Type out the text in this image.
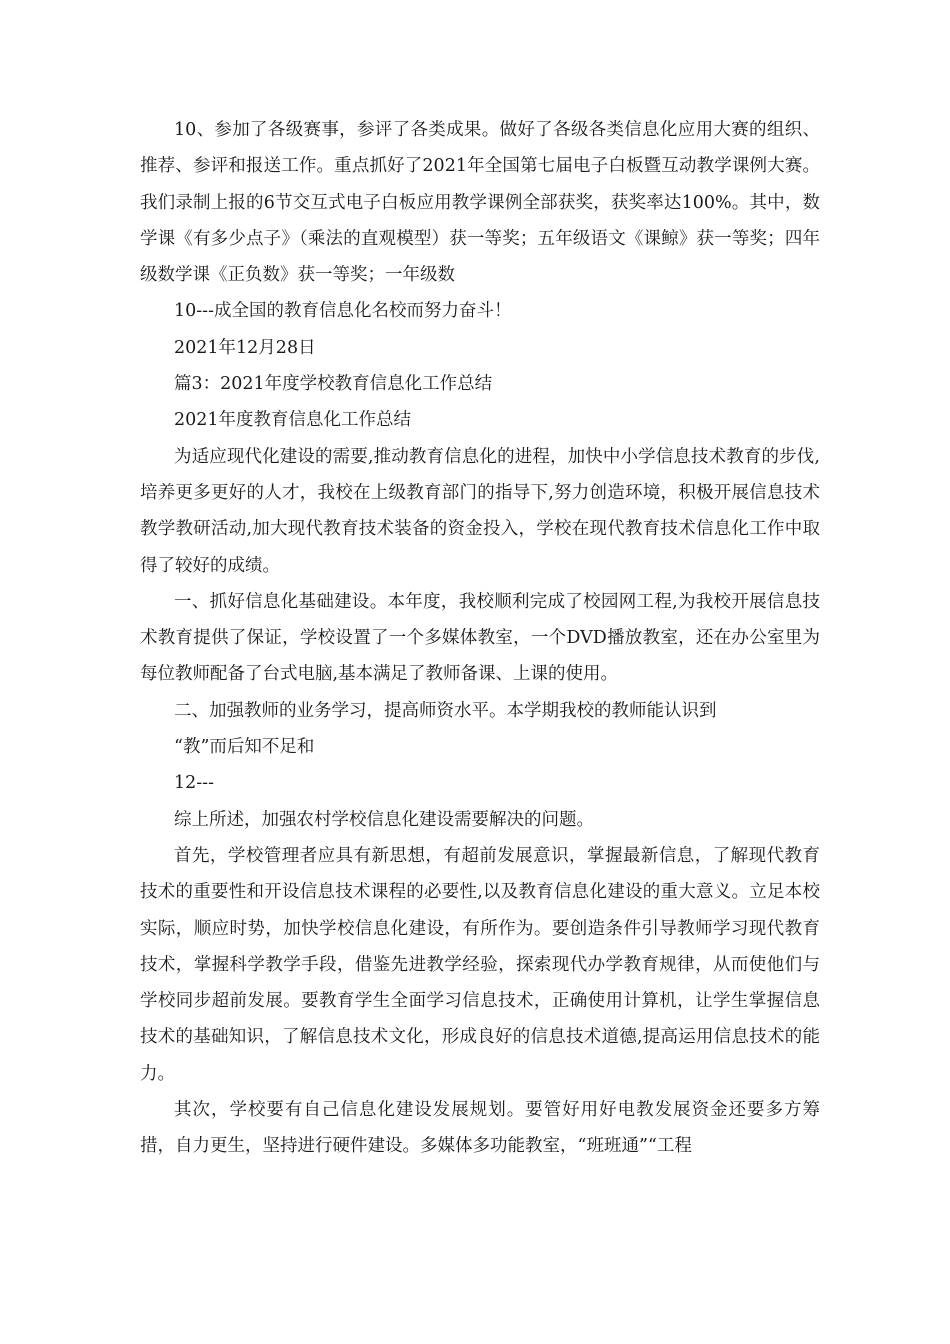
10、参加了各级赛事，参评了各类成果。做好了各级各类信息化应用大赛的组织、推荐、参评和报送工作。重点抓好了2021年全国第七届电子白板暨互动教学课例大赛。我们录制上报的6节交互式电子白板应用教学课例全部获奖，获奖率达100%。其中，数学课《有多少点子》（乘法的直观模型）获一等奖；五年级语文《课鲸》获一等奖；四年级数学课《正负数》获一等奖；一年级数

10---成全国的教育信息化名校而努力奋斗！

2021年12月28日

篇3：2021年度学校教育信息化工作总结

2021年度教育信息化工作总结

为适应现代化建设的需要,推动教育信息化的进程，加快中小学信息技术教育的步伐,培养更多更好的人才，我校在上级教育部门的指导下,努力创造环境，积极开展信息技术教学教研活动,加大现代教育技术装备的资金投入，学校在现代教育技术信息化工作中取得了较好的成绩。

一、抓好信息化基础建设。本年度，我校顺利完成了校园网工程,为我校开展信息技术教育提供了保证，学校设置了一个多媒体教室，一个DVD播放教室，还在办公室里为每位教师配备了台式电脑,基本满足了教师备课、上课的使用。

二、加强教师的业务学习，提高师资水平。本学期我校的教师能认识到

“教”而后知不足和

12---

综上所述，加强农村学校信息化建设需要解决的问题。

首先，学校管理者应具有新思想，有超前发展意识，掌握最新信息，了解现代教育技术的重要性和开设信息技术课程的必要性,以及教育信息化建设的重大意义。立足本校实际，顺应时势，加快学校信息化建设，有所作为。要创造条件引导教师学习现代教育技术，掌握科学教学手段，借鉴先进教学经验，探索现代办学教育规律，从而使他们与学校同步超前发展。要教育学生全面学习信息技术，正确使用计算机，让学生掌握信息技术的基础知识，了解信息技术文化，形成良好的信息技术道德,提高运用信息技术的能力。

其次，学校要有自己信息化建设发展规划。要管好用好电教发展资金还要多方筹措，自力更生，坚持进行硬件建设。多媒体多功能教室，“班班通”“工程
